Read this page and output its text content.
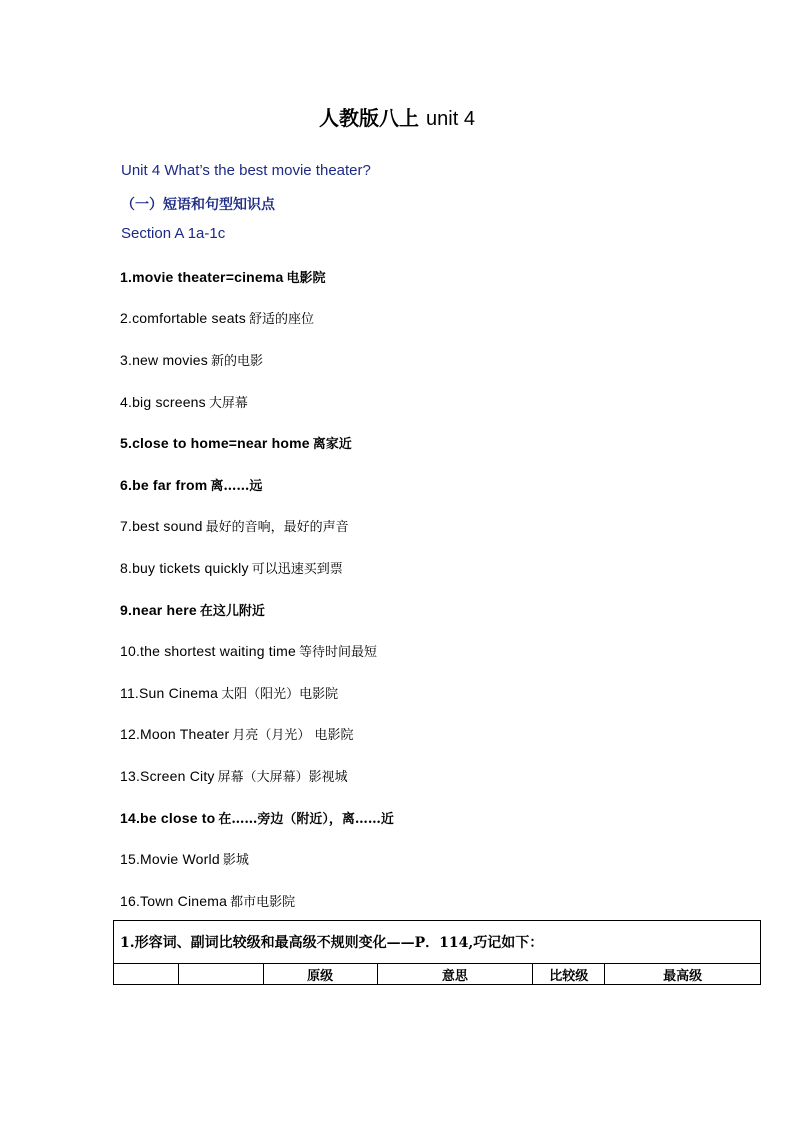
人教版八上 unit 4
Unit 4 What’s the best movie theater?
（一）短语和句型知识点
Section A 1a-1c
1.movie theater=cinema 电影院
2.comfortable seats 舒适的座位
3.new movies 新的电影
4.big screens 大屏幕
5.close to home=near home 离家近
6.be far from 离……远
7.best sound 最好的音响，最好的声音
8.buy tickets quickly 可以迅速买到票
9.near here 在这儿附近
10.the shortest waiting time 等待时间最短
11.Sun Cinema 太阳（阳光）电影院
12.Moon Theater 月亮（月光） 电影院
13.Screen City 屏幕（大屏幕）影视城
14.be close to 在……旁边（附近），离……近
15.Movie World 影城
16.Town Cinema 都市电影院
1.形容词、副词比较级和最高级不规则变化——P．114,巧记如下：
		原级	意思	比较级	最高级
